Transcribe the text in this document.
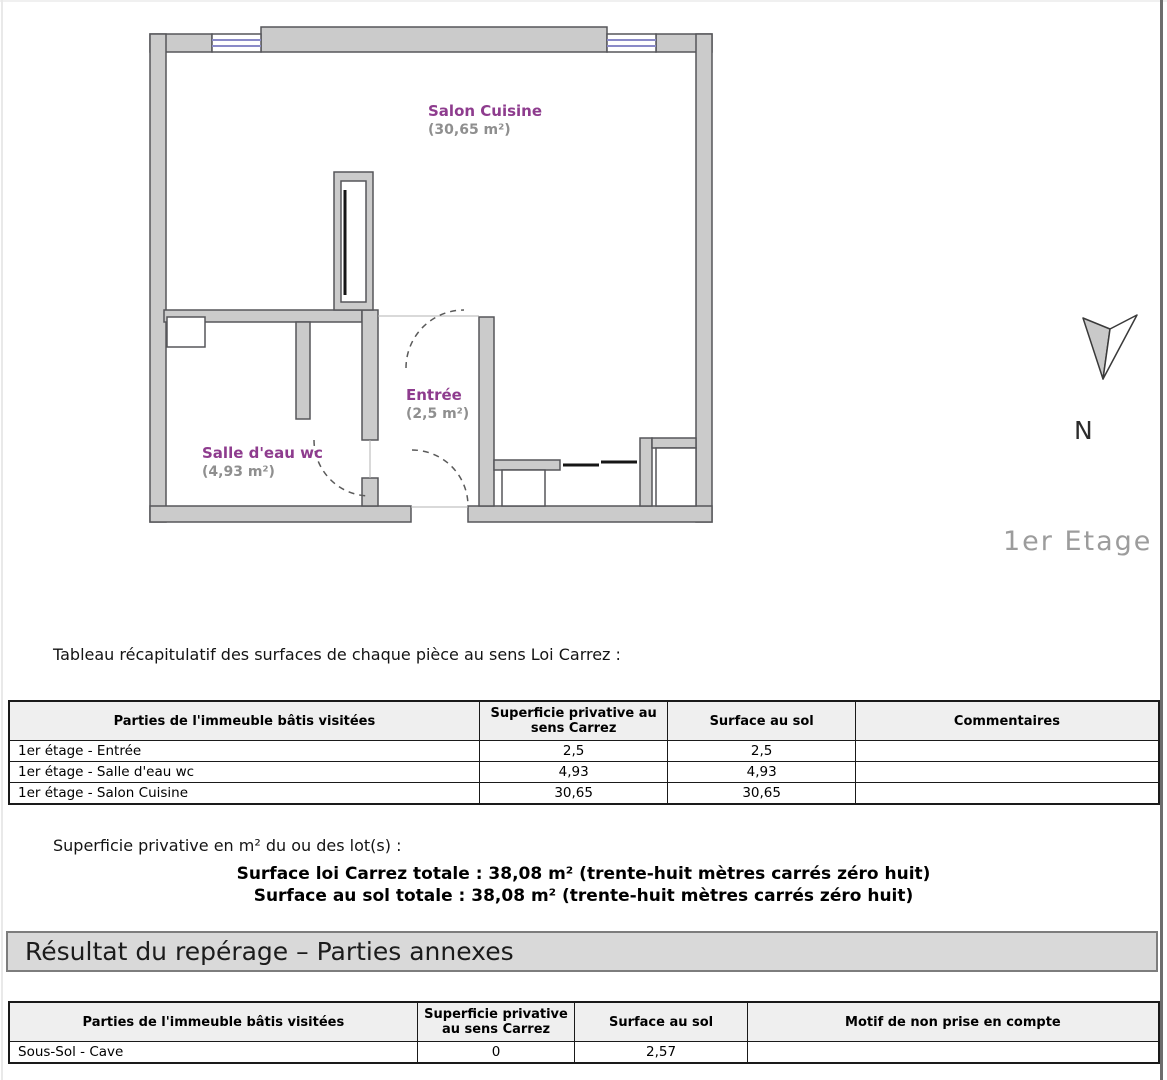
Salon Cuisine
(30,65 m²)
Entrée
(2,5 m²)
Salle d'eau wc
(4,93 m²)
N
1er Etage
Tableau récapitulatif des surfaces de chaque pièce au sens Loi Carrez :
Parties de l'immeuble bâtis visitées	Superficie privative au sens Carrez	Surface au sol	Commentaires
1er étage - Entrée	2,5	2,5	
1er étage - Salle d'eau wc	4,93	4,93	
1er étage - Salon Cuisine	30,65	30,65	
Superficie privative en m² du ou des lot(s) :
Surface loi Carrez totale : 38,08 m² (trente-huit mètres carrés zéro huit)
Surface au sol totale : 38,08 m² (trente-huit mètres carrés zéro huit)
Résultat du repérage – Parties annexes
Parties de l'immeuble bâtis visitées	Superficie privative au sens Carrez	Surface au sol	Motif de non prise en compte
Sous-Sol - Cave	0	2,57	
